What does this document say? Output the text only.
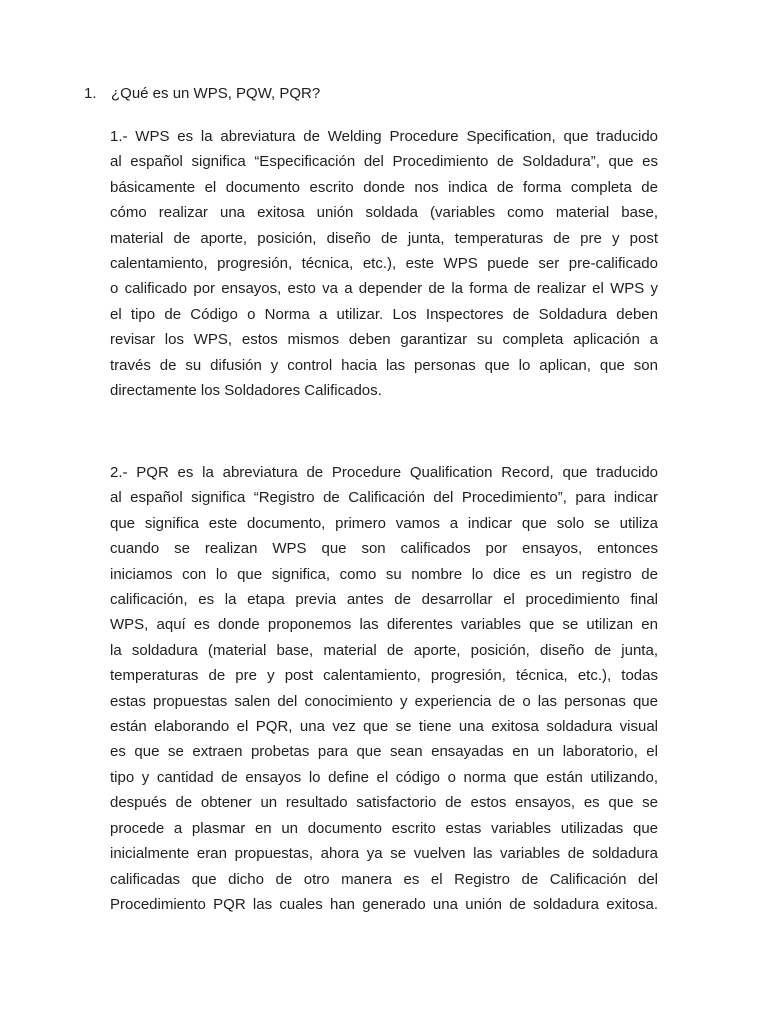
1. ¿Qué es un WPS, PQW, PQR?
1.- WPS es la abreviatura de Welding Procedure Specification, que traducido
al español significa “Especificación del Procedimiento de Soldadura”, que es
básicamente el documento escrito donde nos indica de forma completa de
cómo realizar una exitosa unión soldada (variables como material base,
material de aporte, posición, diseño de junta, temperaturas de pre y post
calentamiento, progresión, técnica, etc.), este WPS puede ser pre-calificado
o calificado por ensayos, esto va a depender de la forma de realizar el WPS y
el tipo de Código o Norma a utilizar. Los Inspectores de Soldadura deben
revisar los WPS, estos mismos deben garantizar su completa aplicación a
través de su difusión y control hacia las personas que lo aplican, que son
directamente los Soldadores Calificados.
2.- PQR es la abreviatura de Procedure Qualification Record, que traducido
al español significa “Registro de Calificación del Procedimiento”, para indicar
que significa este documento, primero vamos a indicar que solo se utiliza
cuando se realizan WPS que son calificados por ensayos, entonces
iniciamos con lo que significa, como su nombre lo dice es un registro de
calificación, es la etapa previa antes de desarrollar el procedimiento final
WPS, aquí es donde proponemos las diferentes variables que se utilizan en
la soldadura (material base, material de aporte, posición, diseño de junta,
temperaturas de pre y post calentamiento, progresión, técnica, etc.), todas
estas propuestas salen del conocimiento y experiencia de o las personas que
están elaborando el PQR, una vez que se tiene una exitosa soldadura visual
es que se extraen probetas para que sean ensayadas en un laboratorio, el
tipo y cantidad de ensayos lo define el código o norma que están utilizando,
después de obtener un resultado satisfactorio de estos ensayos, es que se
procede a plasmar en un documento escrito estas variables utilizadas que
inicialmente eran propuestas, ahora ya se vuelven las variables de soldadura
calificadas que dicho de otro manera es el Registro de Calificación del
Procedimiento PQR las cuales han generado una unión de soldadura exitosa.
